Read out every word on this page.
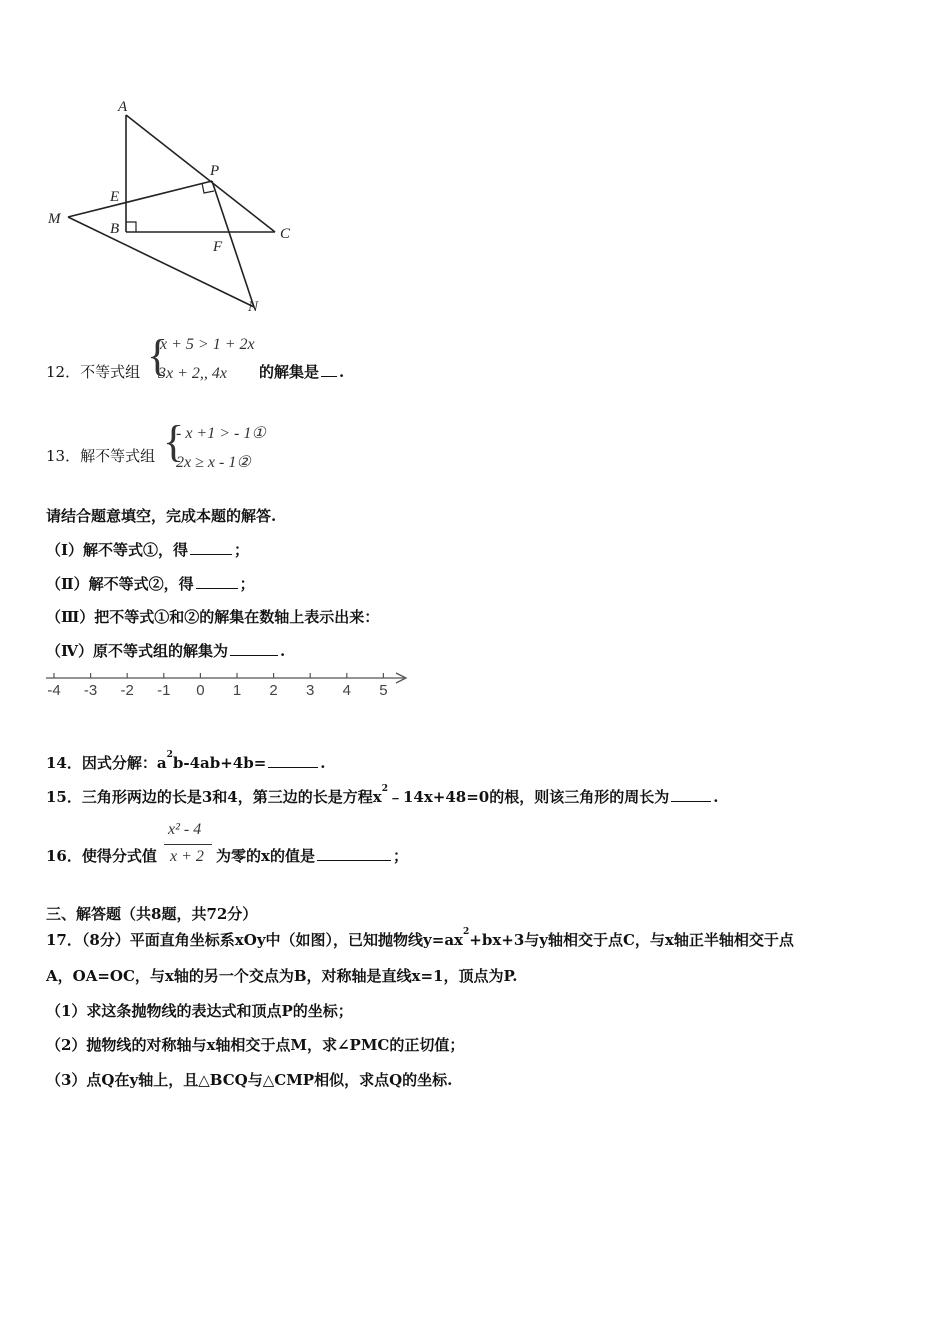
A
P
E
M
B	C
F
N
12．不等式组 {
x + 5 > 1 + 2x
3x + 2,, 4x 的解集是 .
13．解不等式组 {
- x +1 > - 1①
2x ≥ x - 1②
请结合题意填空，完成本题的解答.
（Ⅰ）解不等式①，得	；
（Ⅱ）解不等式②，得	；
（Ⅲ）把不等式①和②的解集在数轴上表示出来：
（Ⅳ）原不等式组的解集为	.
-4 -3 -2 -1 0 1 2 3 4 5
14．因式分解：$a^2b-4ab+4b=$	.
15．三角形两边的长是3和4，第三边的长是方程$x^2﹣14x+48=0$的根，则该三角形的周长为	.
16．使得分式值
x² - 4
x + 2 为零的x的值是	；
三、解答题（共8题，共72分）
17．（8分）平面直角坐标系xOy中（如图），已知抛物线$y=ax^2+bx+3$与y轴相交于点C，与x轴正半轴相交于点
A，OA=OC，与x轴的另一个交点为B，对称轴是直线x=1，顶点为P.
（1）求这条抛物线的表达式和顶点P的坐标；
（2）抛物线的对称轴与x轴相交于点M，求∠PMC的正切值；
（3）点Q在y轴上，且△BCQ与△CMP相似，求点Q的坐标.
